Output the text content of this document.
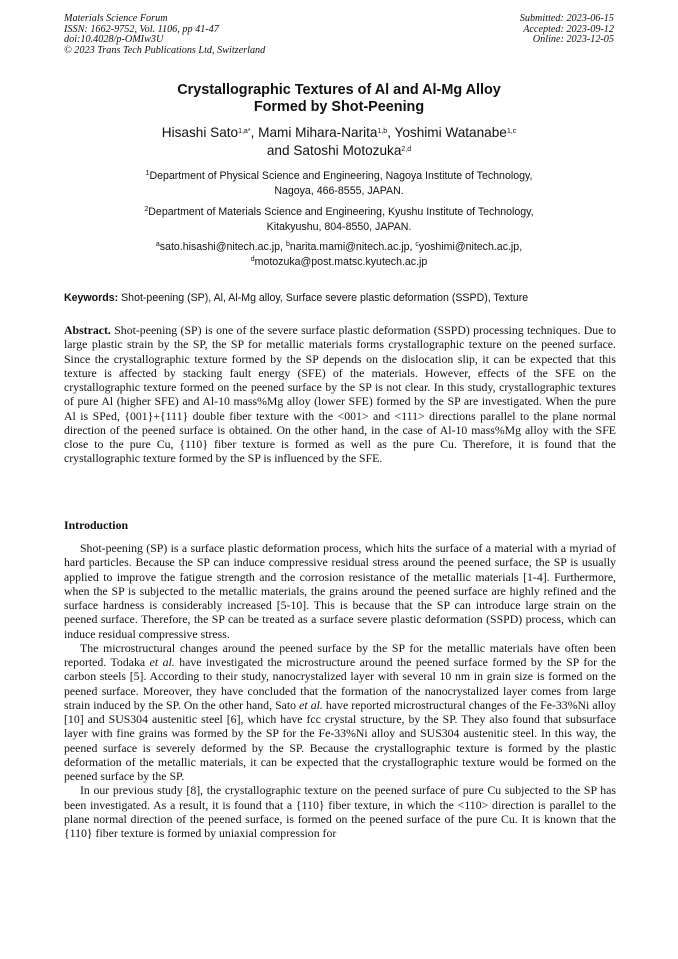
Materials Science Forum
ISSN: 1662-9752, Vol. 1106, pp 41-47
doi:10.4028/p-OMIw3U
© 2023 Trans Tech Publications Ltd, Switzerland
Submitted: 2023-06-15
Accepted: 2023-09-12
Online: 2023-12-05
Crystallographic Textures of Al and Al-Mg Alloy
Formed by Shot-Peening
Hisashi Sato$^{1,a*}$, Mami Mihara-Narita$^{1,b}$, Yoshimi Watanabe$^{1,c}$
and Satoshi Motozuka$^{2,d}$
$^1$Department of Physical Science and Engineering, Nagoya Institute of Technology,
Nagoya, 466-8555, JAPAN.
$^2$Department of Materials Science and Engineering, Kyushu Institute of Technology,
Kitakyushu, 804-8550, JAPAN.
$^a$sato.hisashi@nitech.ac.jp, $^b$narita.mami@nitech.ac.jp, $^c$yoshimi@nitech.ac.jp,
$^d$motozuka@post.matsc.kyutech.ac.jp
Keywords: Shot-peening (SP), Al, Al-Mg alloy, Surface severe plastic deformation (SSPD), Texture

Abstract. Shot-peening (SP) is one of the severe surface plastic deformation (SSPD) processing techniques. Due to large plastic strain by the SP, the SP for metallic materials forms crystallographic texture on the peened surface. Since the crystallographic texture formed by the SP depends on the dislocation slip, it can be expected that this texture is affected by stacking fault energy (SFE) of the materials. However, effects of the SFE on the crystallographic texture formed on the peened surface by the SP is not clear. In this study, crystallographic textures of pure Al (higher SFE) and Al-10 mass%Mg alloy (lower SFE) formed by the SP are investigated. When the pure Al is SPed, {001}+{111} double fiber texture with the <001> and <111> directions parallel to the plane normal direction of the peened surface is obtained. On the other hand, in the case of Al-10 mass%Mg alloy with the SFE close to the pure Cu, {110} fiber texture is formed as well as the pure Cu. Therefore, it is found that the crystallographic texture formed by the SP is influenced by the SFE.

Introduction

Shot-peening (SP) is a surface plastic deformation process, which hits the surface of a material with a myriad of hard particles. Because the SP can induce compressive residual stress around the peened surface, the SP is usually applied to improve the fatigue strength and the corrosion resistance of the metallic materials [1-4]. Furthermore, when the SP is subjected to the metallic materials, the grains around the peened surface are highly refined and the surface hardness is considerably increased [5-10]. This is because that the SP can introduce large strain on the peened surface. Therefore, the SP can be treated as a surface severe plastic deformation (SSPD) process, which can induce residual compressive stress.

The microstructural changes around the peened surface by the SP for the metallic materials have often been reported. Todaka et al. have investigated the microstructure around the peened surface formed by the SP for the carbon steels [5]. According to their study, nanocrystalized layer with several 10 nm in grain size is formed on the peened surface. Moreover, they have concluded that the formation of the nanocrystalized layer comes from large strain induced by the SP. On the other hand, Sato et al. have reported microstructural changes of the Fe-33%Ni alloy [10] and SUS304 austenitic steel [6], which have fcc crystal structure, by the SP. They also found that subsurface layer with fine grains was formed by the SP for the Fe-33%Ni alloy and SUS304 austenitic steel. In this way, the peened surface is severely deformed by the SP. Because the crystallographic texture is formed by the plastic deformation of the metallic materials, it can be expected that the crystallographic texture would be formed on the peened surface by the SP.

In our previous study [8], the crystallographic texture on the peened surface of pure Cu subjected to the SP has been investigated. As a result, it is found that a {110} fiber texture, in which the <110> direction is parallel to the plane normal direction of the peened surface, is formed on the peened surface of the pure Cu. It is known that the {110} fiber texture is formed by uniaxial compression for
